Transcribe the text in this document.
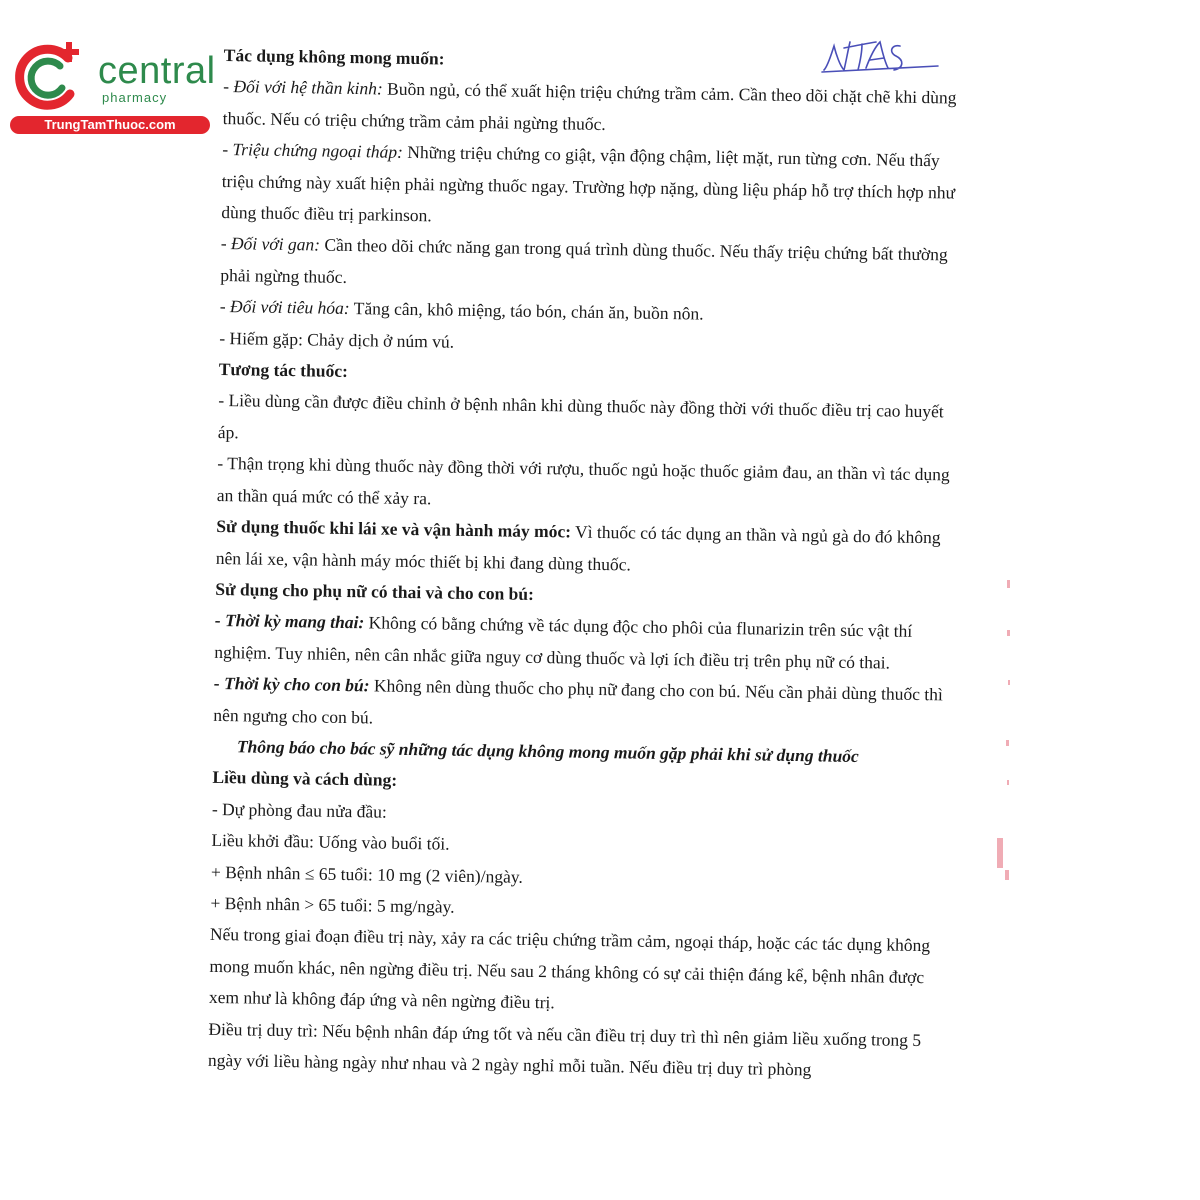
central
pharmacy
TrungTamThuoc.com

Tác dụng không mong muốn:

- Đối với hệ thần kinh: Buồn ngủ, có thể xuất hiện triệu chứng trầm cảm. Cần theo dõi chặt chẽ khi dùng thuốc. Nếu có triệu chứng trầm cảm phải ngừng thuốc.

- Triệu chứng ngoại tháp: Những triệu chứng co giật, vận động chậm, liệt mặt, run từng cơn. Nếu thấy triệu chứng này xuất hiện phải ngừng thuốc ngay. Trường hợp nặng, dùng liệu pháp hỗ trợ thích hợp như dùng thuốc điều trị parkinson.

- Đối với gan: Cần theo dõi chức năng gan trong quá trình dùng thuốc. Nếu thấy triệu chứng bất thường phải ngừng thuốc.

- Đối với tiêu hóa: Tăng cân, khô miệng, táo bón, chán ăn, buồn nôn.

- Hiếm gặp: Chảy dịch ở núm vú.

Tương tác thuốc:

- Liều dùng cần được điều chỉnh ở bệnh nhân khi dùng thuốc này đồng thời với thuốc điều trị cao huyết áp.

- Thận trọng khi dùng thuốc này đồng thời với rượu, thuốc ngủ hoặc thuốc giảm đau, an thần vì tác dụng an thần quá mức có thể xảy ra.

Sử dụng thuốc khi lái xe và vận hành máy móc: Vì thuốc có tác dụng an thần và ngủ gà do đó không nên lái xe, vận hành máy móc thiết bị khi đang dùng thuốc.

Sử dụng cho phụ nữ có thai và cho con bú:

- Thời kỳ mang thai: Không có bằng chứng về tác dụng độc cho phôi của flunarizin trên súc vật thí nghiệm. Tuy nhiên, nên cân nhắc giữa nguy cơ dùng thuốc và lợi ích điều trị trên phụ nữ có thai.

- Thời kỳ cho con bú: Không nên dùng thuốc cho phụ nữ đang cho con bú. Nếu cần phải dùng thuốc thì nên ngưng cho con bú.

Thông báo cho bác sỹ những tác dụng không mong muốn gặp phải khi sử dụng thuốc

Liều dùng và cách dùng:

- Dự phòng đau nửa đầu:

Liều khởi đầu: Uống vào buổi tối.

+ Bệnh nhân ≤ 65 tuổi: 10 mg (2 viên)/ngày.

+ Bệnh nhân > 65 tuổi: 5 mg/ngày.

Nếu trong giai đoạn điều trị này, xảy ra các triệu chứng trầm cảm, ngoại tháp, hoặc các tác dụng không mong muốn khác, nên ngừng điều trị. Nếu sau 2 tháng không có sự cải thiện đáng kể, bệnh nhân được xem như là không đáp ứng và nên ngừng điều trị.

Điều trị duy trì: Nếu bệnh nhân đáp ứng tốt và nếu cần điều trị duy trì thì nên giảm liều xuống trong 5 ngày với liều hàng ngày như nhau và 2 ngày nghỉ mỗi tuần. Nếu điều trị duy trì phòng
